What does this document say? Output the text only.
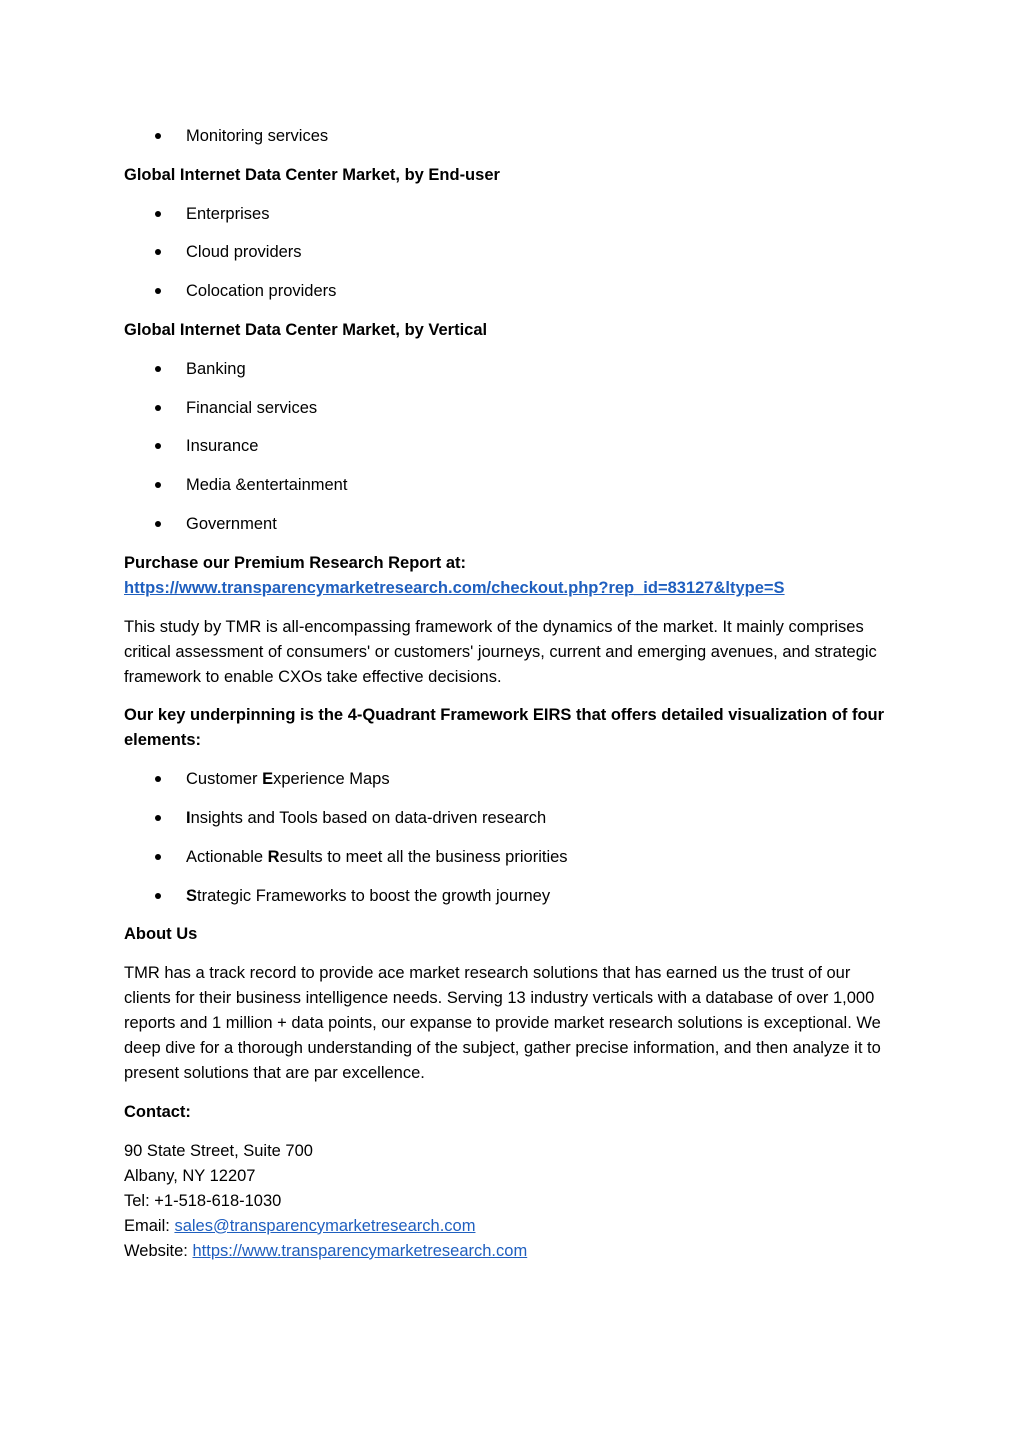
Monitoring services
Global Internet Data Center Market, by End-user
Enterprises
Cloud providers
Colocation providers
Global Internet Data Center Market, by Vertical
Banking
Financial services
Insurance
Media &entertainment
Government

Purchase our Premium Research Report at:
https://www.transparencymarketresearch.com/checkout.php?rep_id=83127&ltype=S

This study by TMR is all-encompassing framework of the dynamics of the market. It mainly comprises critical assessment of consumers' or customers' journeys, current and emerging avenues, and strategic framework to enable CXOs take effective decisions.

Our key underpinning is the 4-Quadrant Framework EIRS that offers detailed visualization of four elements:
Customer Experience Maps
Insights and Tools based on data-driven research
Actionable Results to meet all the business priorities
Strategic Frameworks to boost the growth journey
About Us

TMR has a track record to provide ace market research solutions that has earned us the trust of our clients for their business intelligence needs. Serving 13 industry verticals with a database of over 1,000 reports and 1 million + data points, our expanse to provide market research solutions is exceptional. We deep dive for a thorough understanding of the subject, gather precise information, and then analyze it to present solutions that are par excellence.

Contact:
90 State Street, Suite 700
Albany, NY 12207
Tel: +1-518-618-1030
Email: sales@transparencymarketresearch.com
Website: https://www.transparencymarketresearch.com
